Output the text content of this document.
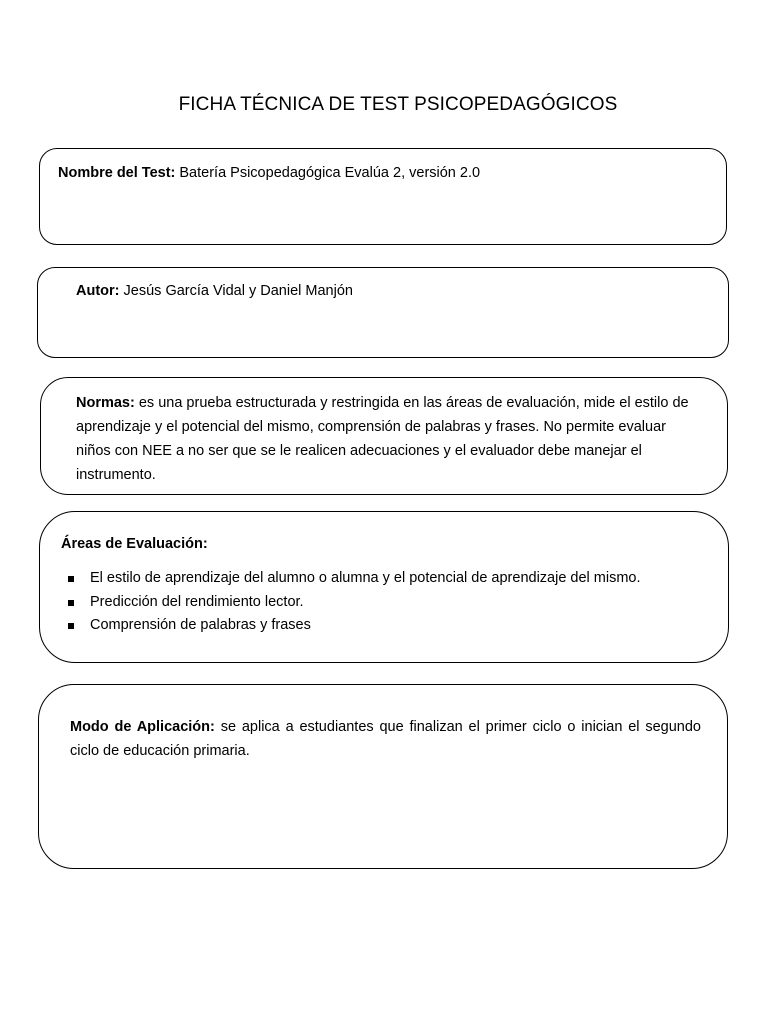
FICHA TÉCNICA DE TEST PSICOPEDAGÓGICOS
Nombre del Test: Batería Psicopedagógica Evalúa 2, versión 2.0
Autor: Jesús García Vidal y Daniel Manjón
Normas: es una prueba estructurada y restringida en las áreas de evaluación, mide el estilo de aprendizaje y el potencial del mismo, comprensión de palabras y frases. No permite evaluar niños con NEE a no ser que se le realicen adecuaciones y el evaluador debe manejar el instrumento.
Áreas de Evaluación:
El estilo de aprendizaje del alumno o alumna y el potencial de aprendizaje del mismo.
Predicción del rendimiento lector.
Comprensión de palabras y frases
Modo de Aplicación: se aplica a estudiantes que finalizan el primer ciclo o inician el segundo ciclo de educación primaria.
